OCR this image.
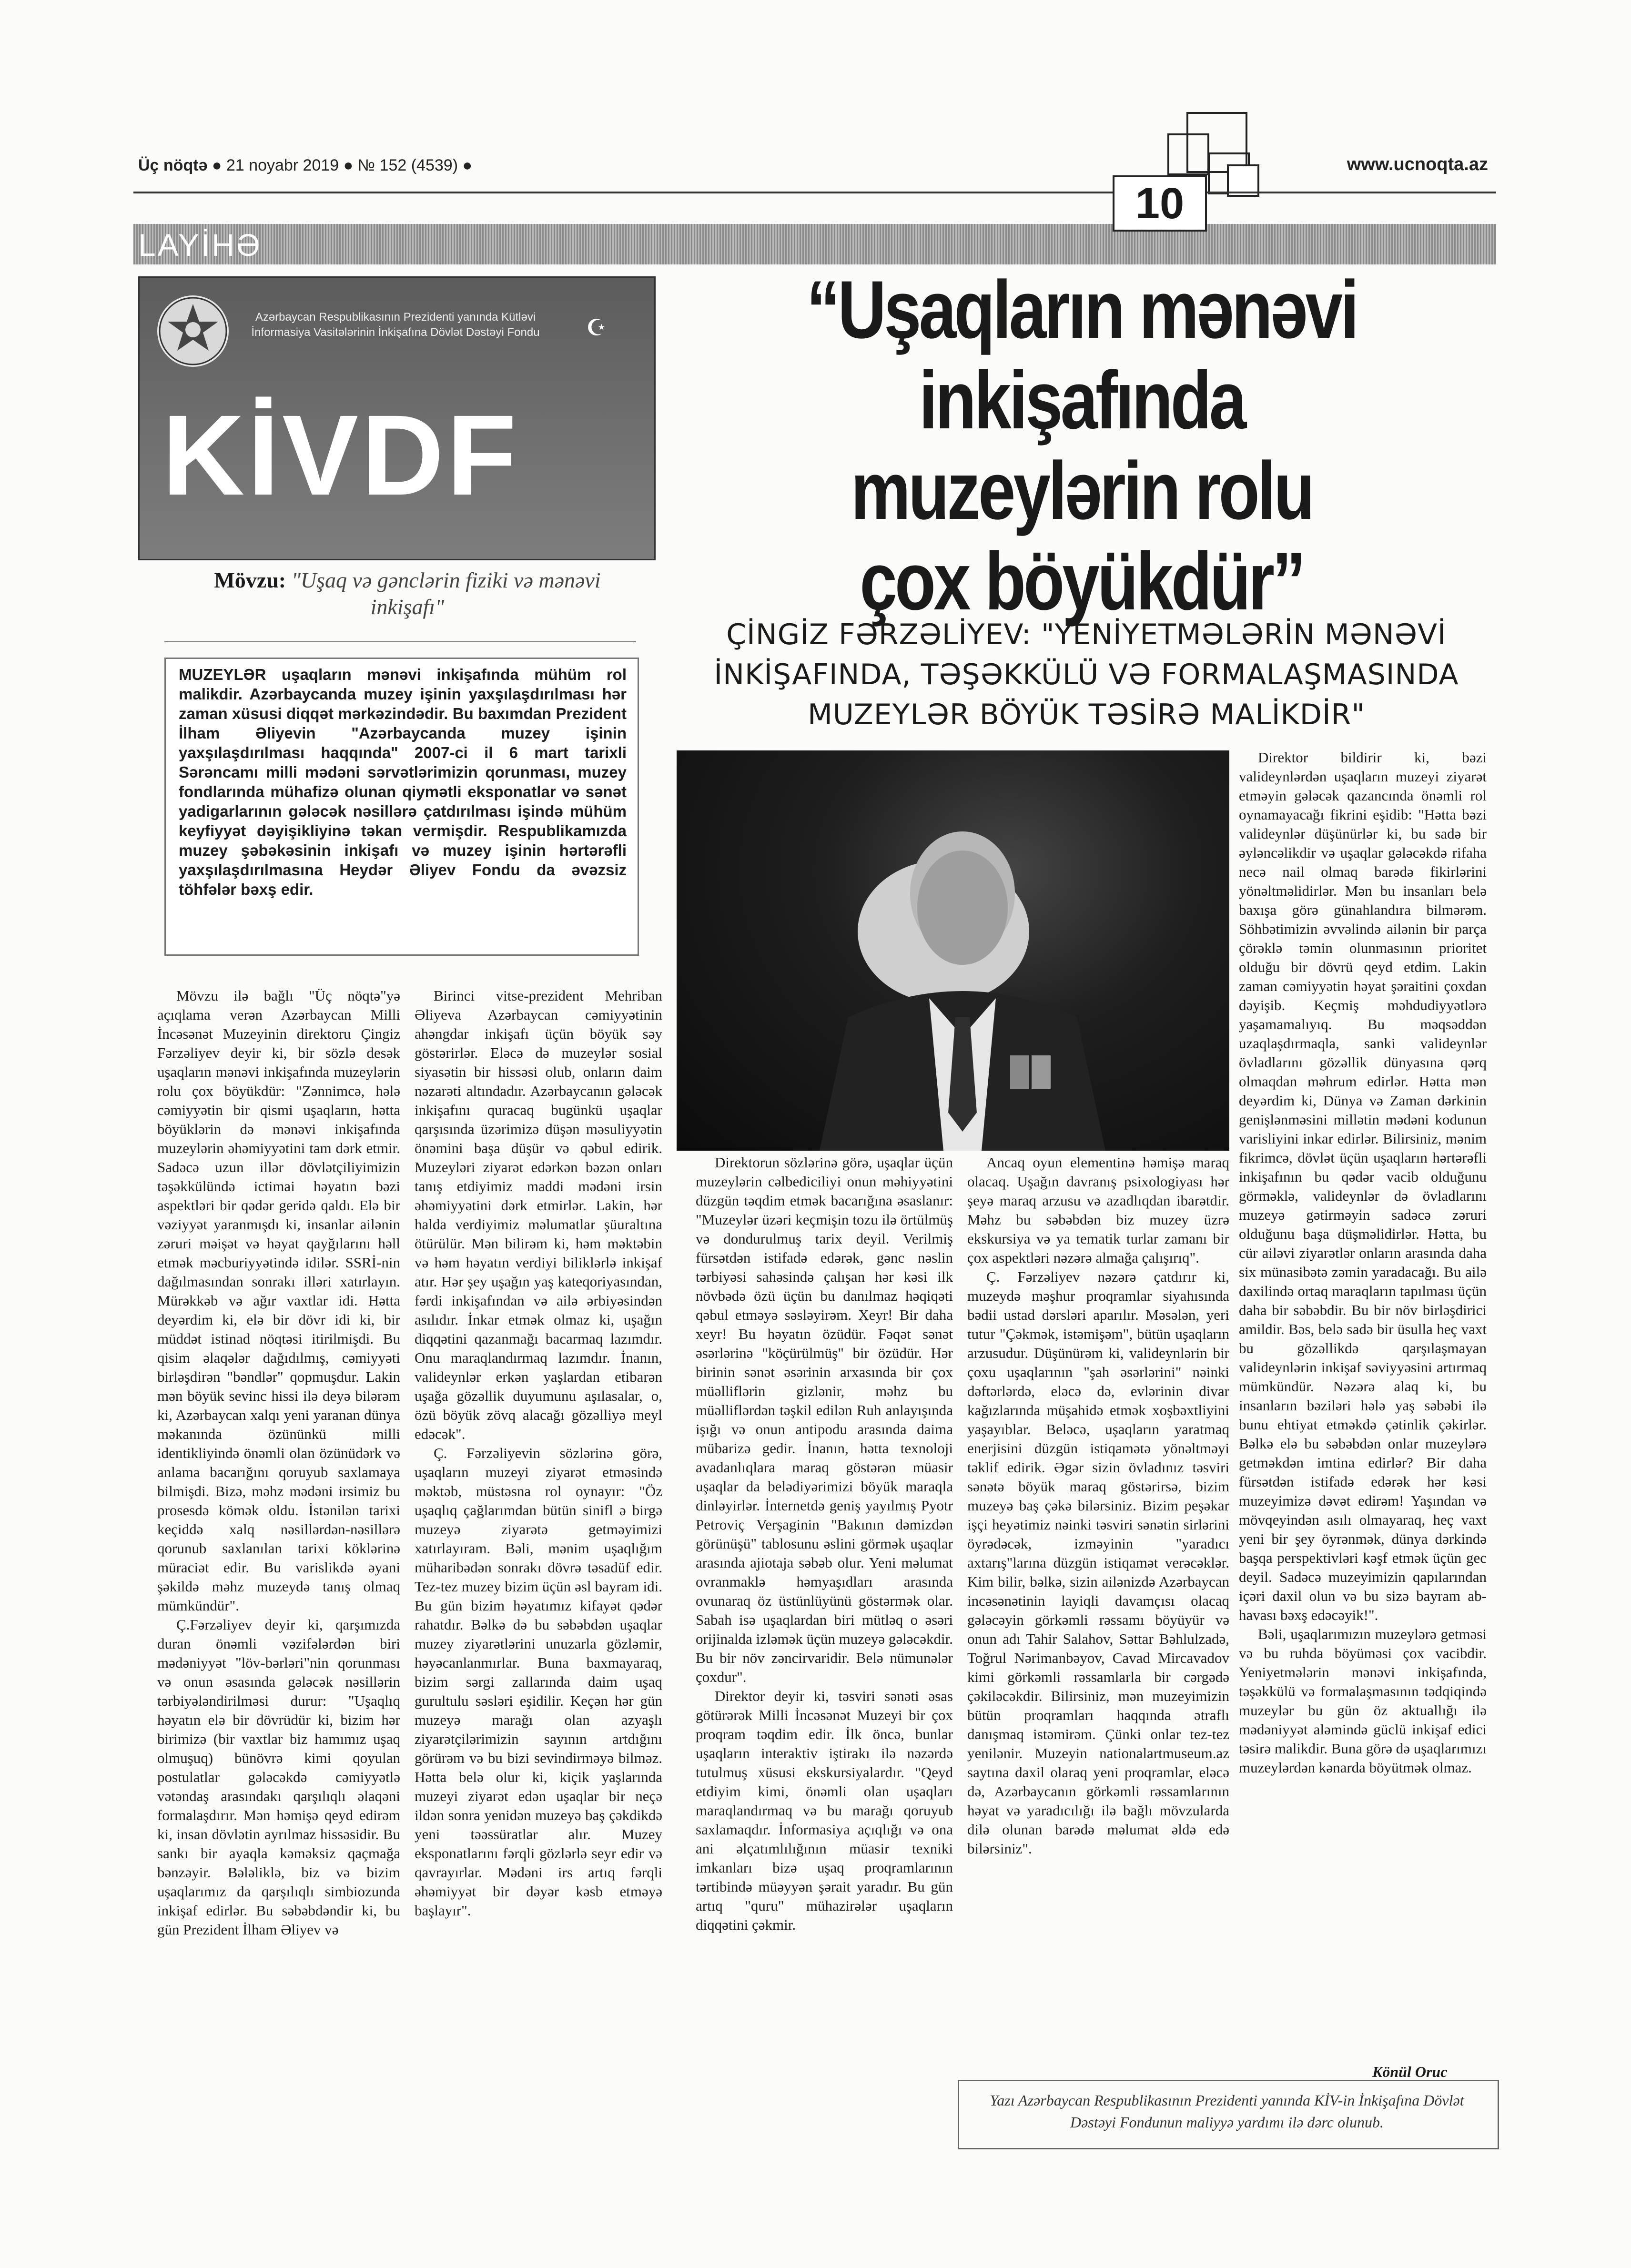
Üç nöqtə ● 21 noyabr 2019 ● № 152 (4539) ●	www.ucnoqta.az
LAYİHƏ
10
Azərbaycan Respublikasının Prezidenti yanında Kütləvi İnformasiya Vasitələrinin İnkişafına Dövlət Dəstəyi Fondu	☪
KİVDF
Mövzu: "Uşaq və gənclərin fiziki və mənəvi inkişafı"
MUZEYLƏR uşaqların mənəvi inkişafında mühüm rol malikdir. Azərbaycanda muzey işinin yaxşılaşdırılması hər zaman xüsusi diqqət mərkəzindədir. Bu baxımdan Prezident İlham Əliyevin "Azərbaycanda muzey işinin yaxşılaşdırılması haqqında" 2007-ci il 6 mart tarixli Sərəncamı milli mədəni sərvətlərimizin qorunması, muzey fondlarında mühafizə olunan qiymətli eksponatlar və sənət yadigarlarının gələcək nəsillərə çatdırılması işində mühüm keyfiyyət dəyişikliyinə təkan vermişdir. Respublikamızda muzey şəbəkəsinin inkişafı və muzey işinin hərtərəfli yaxşılaşdırılmasına Heydər Əliyev Fondu da əvəzsiz töhfələr bəxş edir.
“Uşaqların mənəvi
inkişafında muzeylərin rolu
çox böyükdür”
ÇİNGİZ FƏRZƏLİYEV: "YENİYETMƏLƏRİN MƏNƏVİ İNKİŞAFINDA, TƏŞƏKKÜLÜ VƏ FORMALAŞMASINDA MUZEYLƏR BÖYÜK TƏSİRƏ MALİKDİR"

Mövzu ilə bağlı "Üç nöqtə"yə açıqlama verən Azərbaycan Milli İncəsənət Muzeyinin direktoru Çingiz Fərzəliyev deyir ki, bir sözlə desək uşaqların mənəvi inkişafında muzeylərin rolu çox böyükdür: "Zənnimcə, hələ cəmiyyətin bir qismi uşaqların, hətta böyüklərin də mənəvi inkişafında muzeylərin əhəmiyyətini tam dərk etmir. Sadəcə uzun illər dövlətçiliyimizin təşəkkülündə ictimai həyatın bəzi aspektləri bir qədər geridə qaldı. Elə bir vəziyyət yaranmışdı ki, insanlar ailənin zəruri məişət və həyat qayğılarını həll etmək məcburiyyətində idilər. SSRİ-nin dağılmasından sonrakı illəri xatırlayın. Mürəkkəb və ağır vaxtlar idi. Hətta deyərdim ki, elə bir dövr idi ki, bir müddət istinad nöqtəsi itirilmişdi. Bu qisim əlaqələr dağıdılmış, cəmiyyəti birləşdirən "bəndlər" qopmuşdur. Lakin mən böyük sevinc hissi ilə deyə bilərəm ki, Azərbaycan xalqı yeni yaranan dünya məkanında özününkü milli identikliyində önəmli olan özünüdərk və anlama bacarığını qoruyub saxlamaya bilmişdi. Bizə, məhz mədəni irsimiz bu prosesdə kömək oldu. İstənilən tarixi keçiddə xalq nəsillərdən-nəsillərə qorunub saxlanılan tarixi köklərinə müraciət edir. Bu varislikdə əyani şəkildə məhz muzeydə tanış olmaq mümkündür".

Ç.Fərzəliyev deyir ki, qarşımızda duran önəmli vəzifələrdən biri mədəniyyət "löv-bərləri"nin qorunması və onun əsasında gələcək nəsillərin tərbiyələndirilməsi durur: "Uşaqlıq həyatın elə bir dövrüdür ki, bizim hər birimizə (bir vaxtlar biz hamımız uşaq olmuşuq) bünövrə kimi qoyulan postulatlar gələcəkdə cəmiyyətlə vətəndaş arasındakı qarşılıqlı əlaqəni formalaşdırır. Mən həmişə qeyd edirəm ki, insan dövlətin ayrılmaz hissəsidir. Bu sankı bir ayaqla kəməksiz qaçmağa bənzəyir. Bələliklə, biz və bizim uşaqlarımız da qarşılıqlı simbiozunda inkişaf edirlər. Bu səbəbdəndir ki, bu gün Prezident İlham Əliyev və

Birinci vitse-prezident Mehriban Əliyeva Azərbaycan cəmiyyətinin ahəngdar inkişafı üçün böyük səy göstərirlər. Eləcə də muzeylər sosial siyasətin bir hissəsi olub, onların daim nəzarəti altındadır. Azərbaycanın gələcək inkişafını quracaq bugünkü uşaqlar qarşısında üzərimizə düşən məsuliyyətin önəmini başa düşür və qəbul edirik. Muzeyləri ziyarət edərkən bəzən onları tanış etdiyimiz maddi mədəni irsin əhəmiyyətini dərk etmirlər. Lakin, hər halda verdiyimiz məlumatlar şüuraltına ötürülür. Mən bilirəm ki, həm məktəbin və həm həyatın verdiyi biliklərlə inkişaf atır. Hər şey uşağın yaş kateqoriyasından, fərdi inkişafından və ailə ərbiyəsindən asılıdır. İnkar etmək olmaz ki, uşağın diqqətini qazanmağı bacarmaq lazımdır. Onu maraqlandırmaq lazımdır. İnanın, valideynlər erkən yaşlardan etibarən uşağa gözəllik duyumunu aşılasalar, o, özü böyük zövq alacağı gözəlliyə meyl edəcək".

Ç. Fərzəliyevin sözlərinə görə, uşaqların muzeyi ziyarət etməsində məktəb, müstəsna rol oynayır: "Öz uşaqlıq çağlarımdan bütün sinifl ə birgə muzeyə ziyarətə getməyimizi xatırlayıram. Bəli, mənim uşaqlığım müharibədən sonrakı dövrə təsadüf edir. Tez-tez muzey bizim üçün əsl bayram idi. Bu gün bizim həyatımız kifayət qədər rahatdır. Bəlkə də bu səbəbdən uşaqlar muzey ziyarətlərini unuzarla gözləmir, həyəcanlanmırlar. Buna baxmayaraq, bizim sərgi zallarında daim uşaq gurultulu səsləri eşidilir. Keçən hər gün muzeyə marağı olan azyaşlı ziyarətçilərimizin sayının artdığını görürəm və bu bizi sevindirməyə bilməz. Hətta belə olur ki, kiçik yaşlarında muzeyi ziyarət edən uşaqlar bir neçə ildən sonra yenidən muzeyə baş çəkdikdə yeni təəssüratlar alır. Muzey eksponatlarını fərqli gözlərlə seyr edir və qavrayırlar. Mədəni irs artıq fərqli əhəmiyyət bir dəyər kəsb etməyə başlayır".

Direktorun sözlərinə görə, uşaqlar üçün muzeylərin cəlbediciliyi onun məhiyyətini düzgün təqdim etmək bacarığına əsaslanır: "Muzeylər üzəri keçmişin tozu ilə örtülmüş və dondurulmuş tarix deyil. Verilmiş fürsətdən istifadə edərək, gənc nəslin tərbiyəsi sahəsində çalışan hər kəsi ilk növbədə özü üçün bu danılmaz həqiqəti qəbul etməyə səsləyirəm. Xeyr! Bir daha xeyr! Bu həyatın özüdür. Fəqət sənət əsərlərinə "köçürülmüş" bir özüdür. Hər birinin sənət əsərinin arxasında bir çox müəlliflərin gizlənir, məhz bu müəlliflərdən təşkil edilən Ruh anlayışında işığı və onun antipodu arasında daima mübarizə gedir. İnanın, hətta texnoloji avadanlıqlara maraq göstərən müasir uşaqlar da belədiyərimizi böyük maraqla dinləyirlər. İnternetdə geniş yayılmış Pyotr Petroviç Verşaginin "Bakının dəmizdən görünüşü" tablosunu əslini görmək uşaqlar arasında ajiotaja səbəb olur. Yeni məlumat ovranmaklə həmyaşıdları arasında ovunaraq öz üstünlüyünü göstərmək olar. Sabah isə uşaqlardan biri mütləq o əsəri orijinalda izləmək üçün muzeyə gələcəkdir. Bu bir növ zəncirvaridir. Belə nümunələr çoxdur".

Direktor deyir ki, təsviri sənəti əsas götürərək Milli İncəsənət Muzeyi bir çox proqram təqdim edir. İlk öncə, bunlar uşaqların interaktiv iştirakı ilə nəzərdə tutulmuş xüsusi ekskursiyalardır. "Qeyd etdiyim kimi, önəmli olan uşaqları maraqlandırmaq və bu marağı qoruyub saxlamaqdır. İnformasiya açıqlığı və ona ani əlçatımlılığının müasir texniki imkanları bizə uşaq proqramlarının tərtibində müəyyən şərait yaradır. Bu gün artıq "quru" mühazirələr uşaqların diqqətini çəkmir.

Ancaq oyun elementinə həmişə maraq olacaq. Uşağın davranış psixologiyası hər şeyə maraq arzusu və azadlıqdan ibarətdir. Məhz bu səbəbdən biz muzey üzrə ekskursiya və ya tematik turlar zamanı bir çox aspektləri nəzərə almağa çalışırıq".

Ç. Fərzəliyev nəzərə çatdırır ki, muzeydə məşhur proqramlar siyahısında bədii ustad dərsləri aparılır. Məsələn, yeri tutur "Çəkmək, istəmişəm", bütün uşaqların arzusudur. Düşünürəm ki, valideynlərin bir çoxu uşaqlarının "şah əsərlərini" nəinki dəftərlərdə, eləcə də, evlərinin divar kağızlarında müşahidə etmək xoşbəxtliyini yaşayıblar. Beləcə, uşaqların yaratmaq enerjisini düzgün istiqamətə yönəltməyi təklif edirik. Əgər sizin övladınız təsviri sənətə böyük maraq göstərirsə, bizim muzeyə baş çəkə bilərsiniz. Bizim peşəkar işçi heyətimiz nəinki təsviri sənətin sirlərini öyrədəcək, izməyinin "yaradıcı axtarış"larına düzgün istiqamət verəcəklər. Kim bilir, bəlkə, sizin ailənizdə Azərbaycan incəsənətinin layiqli davamçısı olacaq gələcəyin görkəmli rəssamı böyüyür və onun adı Tahir Salahov, Səttar Bəhlulzadə, Toğrul Nərimanbəyov, Cavad Mircavadov kimi görkəmli rəssamlarla bir cərgədə çəkiləcəkdir. Bilirsiniz, mən muzeyimizin bütün proqramları haqqında ətraflı danışmaq istəmirəm. Çünki onlar tez-tez yenilənir. Muzeyin nationalartmuseum.az saytına daxil olaraq yeni proqramlar, eləcə də, Azərbaycanın görkəmli rəssamlarının həyat və yaradıcılığı ilə bağlı mövzularda dilə olunan barədə məlumat əldə edə bilərsiniz".

Direktor bildirir ki, bəzi valideynlərdən uşaqların muzeyi ziyarət etməyin gələcək qazancında önəmli rol oynamayacağı fikrini eşidib: "Hətta bəzi valideynlər düşünürlər ki, bu sadə bir əyləncəlikdir və uşaqlar gələcəkdə rifaha necə nail olmaq barədə fikirlərini yönəltməlidirlər. Mən bu insanları belə baxışa görə günahlandıra bilmərəm. Söhbətimizin əvvəlində ailənin bir parça çörəklə təmin olunmasının prioritet olduğu bir dövrü qeyd etdim. Lakin zaman cəmiyyətin həyat şəraitini çoxdan dəyişib. Keçmiş məhdudiyyətlərə yaşamamalıyıq. Bu məqsəddən uzaqlaşdırmaqla, sanki valideynlər övladlarını gözəllik dünyasına qərq olmaqdan məhrum edirlər. Hətta mən deyərdim ki, Dünya və Zaman dərkinin genişlənməsini millətin mədəni kodunun varisliyini inkar edirlər. Bilirsiniz, mənim fikrimcə, dövlət üçün uşaqların hərtərəfli inkişafının bu qədər vacib olduğunu görməklə, valideynlər də övladlarını muzeyə gətirməyin sadəcə zəruri olduğunu başa düşməlidirlər. Hətta, bu cür ailəvi ziyarətlər onların arasında daha six münasibətə zəmin yaradacağı. Bu ailə daxilində ortaq maraqların tapılması üçün daha bir səbəbdir. Bu bir növ birləşdirici amildir. Bəs, belə sadə bir üsulla heç vaxt bu gözəllikdə qarşılaşmayan valideynlərin inkişaf səviyyəsini artırmaq mümkündür. Nəzərə alaq ki, bu insanların bəziləri hələ yaş səbəbi ilə bunu ehtiyat etməkdə çətinlik çəkirlər. Bəlkə elə bu səbəbdən onlar muzeylərə getməkdən imtina edirlər? Bir daha fürsətdən istifadə edərək hər kəsi muzeyimizə dəvət edirəm! Yaşından və mövqeyindən asılı olmayaraq, heç vaxt yeni bir şey öyrənmək, dünya dərkində başqa perspektivləri kəşf etmək üçün gec deyil. Sadəcə muzeyimizin qapılarından içəri daxil olun və bu sizə bayram ab-havası bəxş edəcəyik!".

Bəli, uşaqlarımızın muzeylərə getməsi və bu ruhda böyüməsi çox vacibdir. Yeniyetmələrin mənəvi inkişafında, təşəkkülü və formalaşmasının tədqiqində muzeylər bu gün öz aktuallığı ilə mədəniyyət aləmində güclü inkişaf edici təsirə malikdir. Buna görə də uşaqlarımızı muzeylərdən kənarda böyütmək olmaz.

Könül Oruc
Yazı Azərbaycan Respublikasının Prezidenti yanında KİV-in İnkişafına Dövlət Dəstəyi Fondunun maliyyə yardımı ilə dərc olunub.
